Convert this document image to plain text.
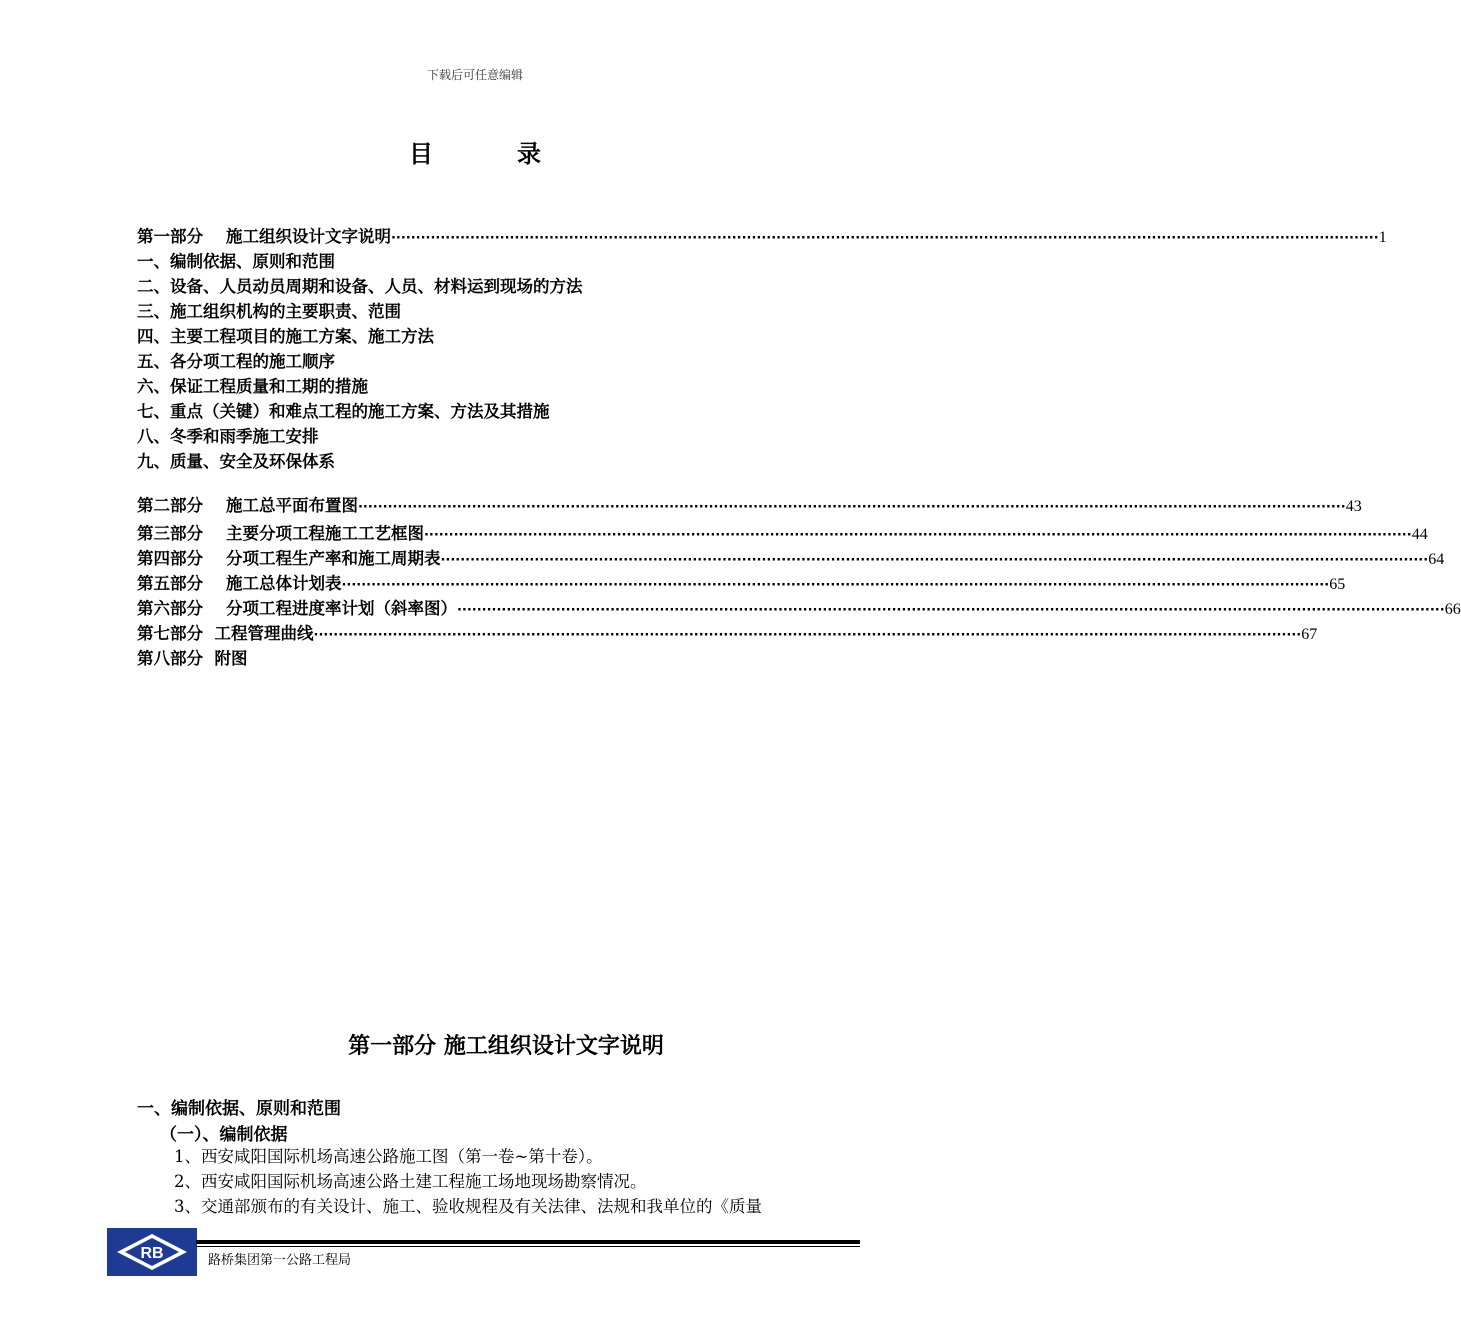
下载后可任意编辑
目	录
第一部分    施工组织设计文字说明 ········································································································································································································ 1
一、编制依据、原则和范围
二、设备、人员动员周期和设备、人员、材料运到现场的方法
三、施工组织机构的主要职责、范围
四、主要工程项目的施工方案、施工方法
五、各分项工程的施工顺序
六、保证工程质量和工期的措施
七、重点（关键）和难点工程的施工方案、方法及其措施
八、冬季和雨季施工安排
九、质量、安全及环保体系
第二部分    施工总平面布置图 ········································································································································································································ 43
第三部分    主要分项工程施工工艺框图 ········································································································································································································ 44
第四部分    分项工程生产率和施工周期表 ········································································································································································································ 64
第五部分    施工总体计划表 ········································································································································································································ 65
第六部分    分项工程进度率计划（斜率图） ········································································································································································································ 66
第七部分  工程管理曲线 ········································································································································································································ 67
第八部分  附图
第一部分 施工组织设计文字说明
一、编制依据、原则和范围
（一）、编制依据
1、西安咸阳国际机场高速公路施工图（第一卷~第十卷）。
2、西安咸阳国际机场高速公路土建工程施工场地现场勘察情况。
3、交通部颁布的有关设计、施工、验收规程及有关法律、法规和我单位的《质量
RB	路桥集团第一公路工程局
